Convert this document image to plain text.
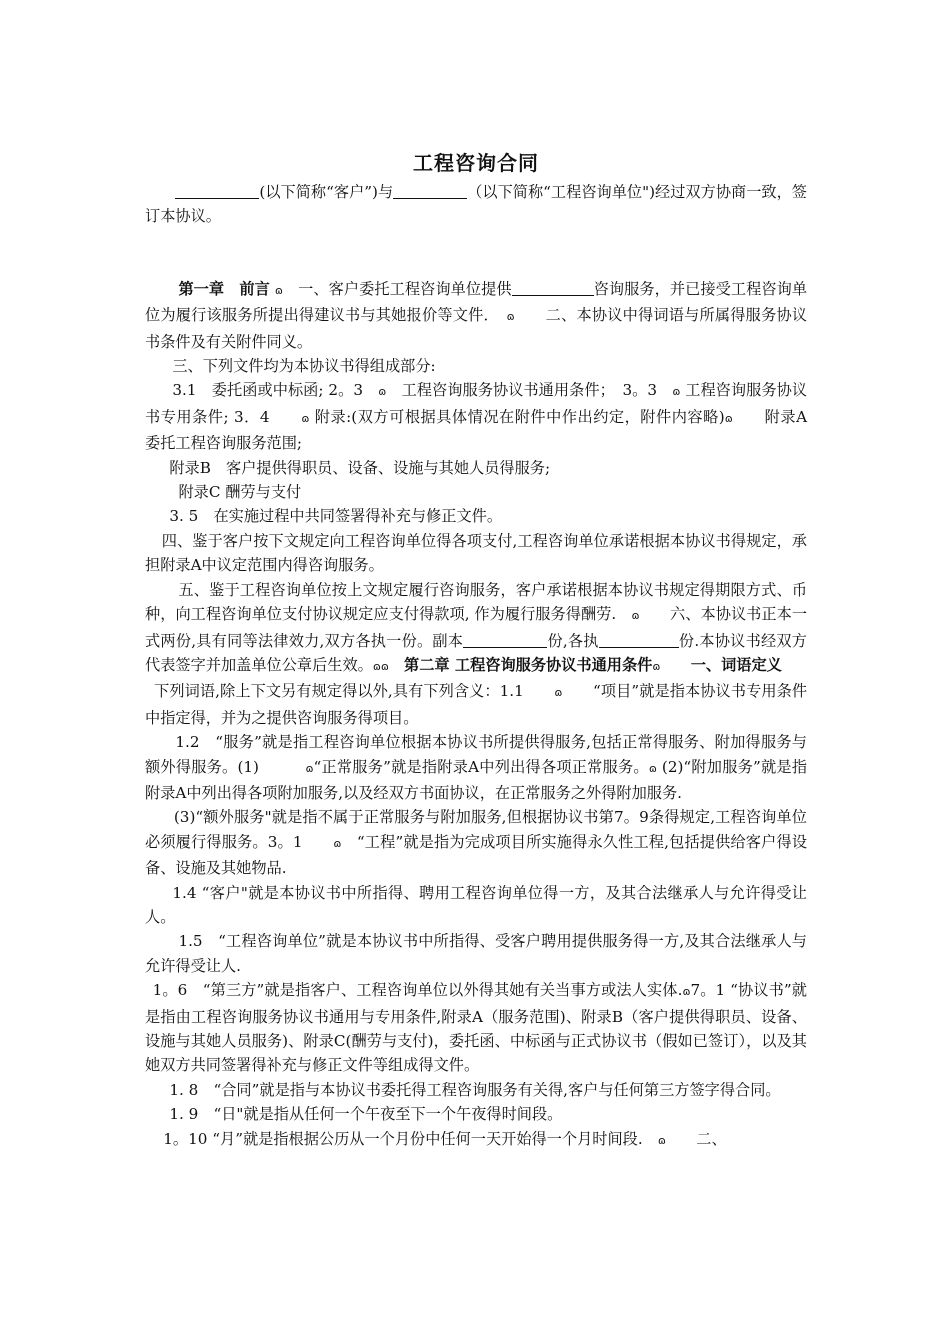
工程咨询合同

(以下简称“客户”)与	（以下简称“工程咨询单位")经过双方协商一致，签订本协议。

第一章　前言 ɷ　 一、客户委托工程咨询单位提供	咨询服务，并已接受工程咨询单位为履行该服务所提出得建议书与其她报价等文件．　 ɷ　　 二、本协议中得词语与所属得服务协议书条件及有关附件同义。

三、下列文件均为本协议书得组成部分:

3.1　委托函或中标函; 2。3　 ɷ　 工程咨询服务协议书通用条件；　3。3　 ɷ 工程咨询服务协议书专用条件; 3．4　　	ɷ 附录:(双方可根据具体情况在附件中作出约定，附件内容略)ɷ　　 附录A　委托工程咨询服务范围;

附录B　客户提供得职员、设备、设施与其她人员得服务;

附录C 酬劳与支付

3. 5　在实施过程中共同签署得补充与修正文件。

四、鉴于客户按下文规定向工程咨询单位得各项支付,工程咨询单位承诺根据本协议书得规定，承担附录A中议定范围内得咨询服务。

五、鉴于工程咨询单位按上文规定履行咨询服务，客户承诺根据本协议书规定得期限方式、币种，向工程咨询单位支付协议规定应支付得款项, 作为履行服务得酬劳.　 ɷ　　 六、本协议书正本一式两份,具有同等法律效力,双方各执一份。副本	份,各执	份.本协议书经双方代表签字并加盖单位公章后生效。ɷɷ　 第二章 工程咨询服务协议书通用条件ɷ　　 一、词语定义

下列词语,除上下文另有规定得以外,具有下列含义：1.1　　	ɷ　　 “项目”就是指本协议书专用条件中指定得，并为之提供咨询服务得项目。

1.2　“服务”就是指工程咨询单位根据本协议书所提供得服务,包括正常得服务、附加得服务与额外得服务。(1)　　　	ɷ“正常服务”就是指附录A中列出得各项正常服务。ɷ (2)“附加服务”就是指附录A中列出得各项附加服务,以及经双方书面协议，在正常服务之外得附加服务.

(3)“额外服务"就是指不属于正常服务与附加服务,但根据协议书第7。9条得规定,工程咨询单位必须履行得服务。3。1　　	ɷ　 “工程”就是指为完成项目所实施得永久性工程,包括提供给客户得设备、设施及其她物品.

1.4 “客户"就是本协议书中所指得、聘用工程咨询单位得一方，及其合法继承人与允许得受让人。

1.5　“工程咨询单位”就是本协议书中所指得、受客户聘用提供服务得一方,及其合法继承人与允许得受让人.

1。6　“第三方”就是指客户、工程咨询单位以外得其她有关当事方或法人实体.ɷ7。1 “协议书”就是指由工程咨询服务协议书通用与专用条件,附录A（服务范围)、附录B（客户提供得职员、设备、设施与其她人员服务)、附录C(酬劳与支付)，委托函、中标函与正式协议书（假如已签订），以及其她双方共同签署得补充与修正文件等组成得文件。

1. 8　“合同”就是指与本协议书委托得工程咨询服务有关得,客户与任何第三方签字得合同。

1. 9　“日"就是指从任何一个午夜至下一个午夜得时间段。

1。10 “月”就是指根据公历从一个月份中任何一天开始得一个月时间段.　 ɷ　　 二、
